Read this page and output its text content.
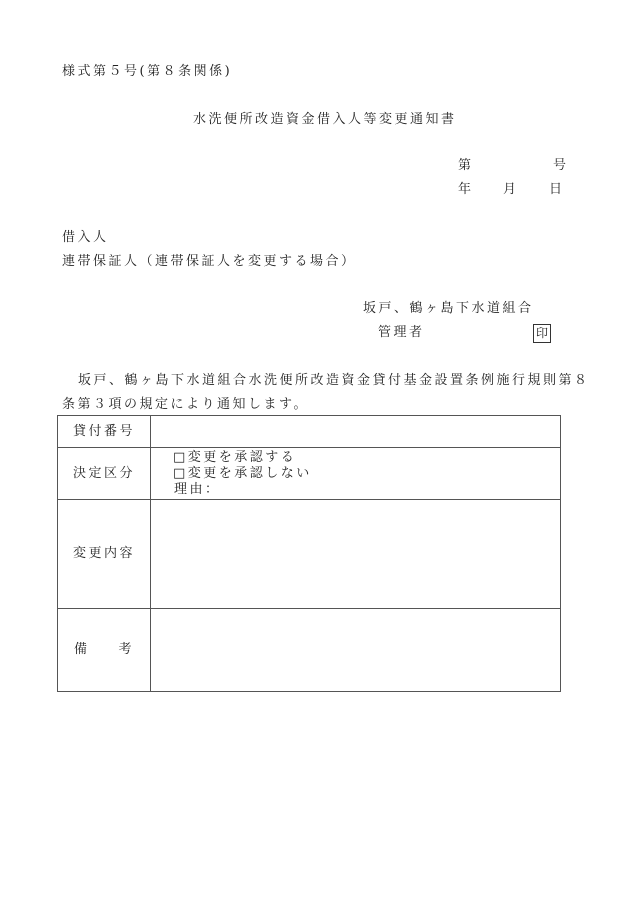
様式第５号(第８条関係)
水洗便所改造資金借入人等変更通知書
第	号
年 月 日
借入人
連帯保証人（連帯保証人を変更する場合）
坂戸、鶴ヶ島下水道組合
管理者	印
坂戸、鶴ヶ島下水道組合水洗便所改造資金貸付基金設置条例施行規則第８
条第３項の規定により通知します。
貸付番号	
決定区分	□変更を承認する
□変更を承認しない
理由：

変更内容	

備 考	
